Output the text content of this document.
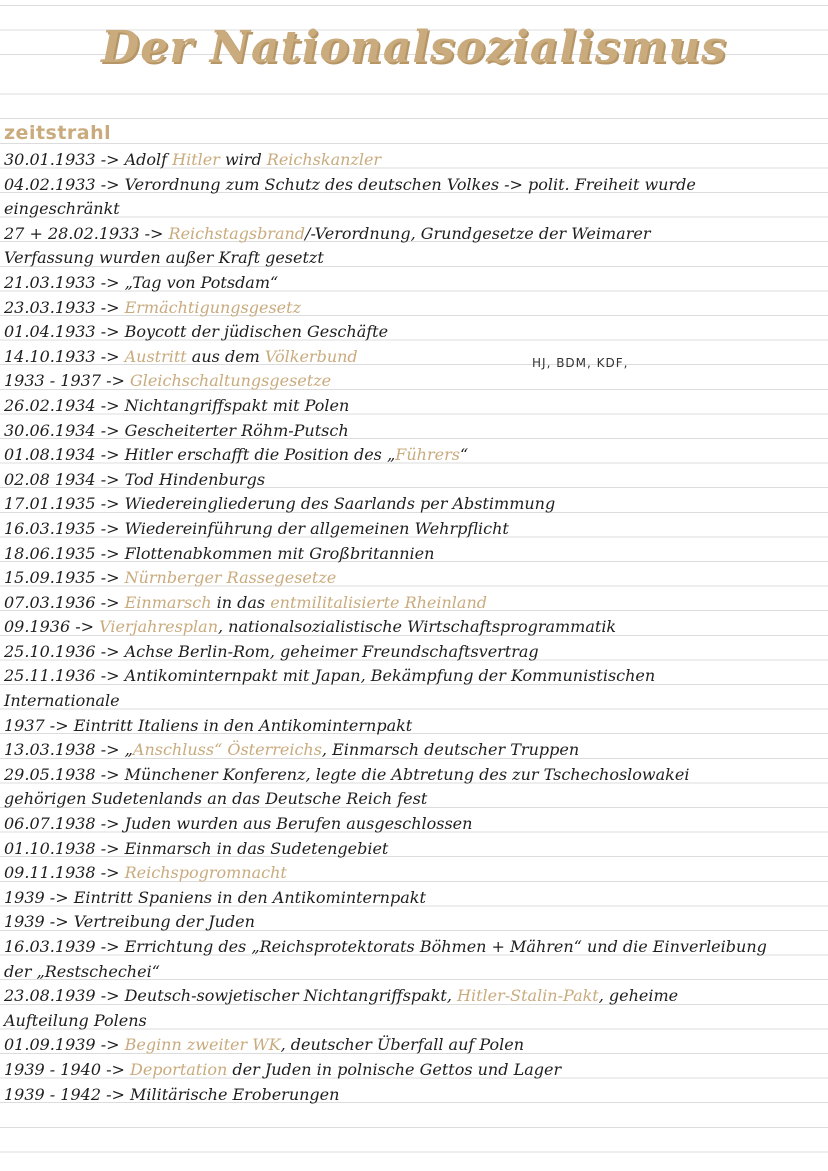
Der Nationalsozialismus
zeitstrahl
HJ, BDM, KDF,
30.01.1933 -> Adolf Hitler wird Reichskanzler
04.02.1933 -> Verordnung zum Schutz des deutschen Volkes -> polit. Freiheit wurde
eingeschränkt
27 + 28.02.1933 -> Reichstagsbrand/-Verordnung, Grundgesetze der Weimarer
Verfassung wurden außer Kraft gesetzt
21.03.1933 -> „Tag von Potsdam“
23.03.1933 -> Ermächtigungsgesetz
01.04.1933 -> Boycott der jüdischen Geschäfte
14.10.1933 -> Austritt aus dem Völkerbund
1933 - 1937 -> Gleichschaltungsgesetze
26.02.1934 -> Nichtangriffspakt mit Polen
30.06.1934 -> Gescheiterter Röhm-Putsch
01.08.1934 -> Hitler erschafft die Position des „Führers“
02.08 1934 -> Tod Hindenburgs
17.01.1935 -> Wiedereingliederung des Saarlands per Abstimmung
16.03.1935 -> Wiedereinführung der allgemeinen Wehrpflicht
18.06.1935 -> Flottenabkommen mit Großbritannien
15.09.1935 -> Nürnberger Rassegesetze
07.03.1936 -> Einmarsch in das entmilitalisierte Rheinland
09.1936 -> Vierjahresplan, nationalsozialistische Wirtschaftsprogrammatik
25.10.1936 -> Achse Berlin-Rom, geheimer Freundschaftsvertrag
25.11.1936 -> Antikominternpakt mit Japan, Bekämpfung der Kommunistischen
Internationale
1937 -> Eintritt Italiens in den Antikominternpakt
13.03.1938 -> „Anschluss“ Österreichs, Einmarsch deutscher Truppen
29.05.1938 -> Münchener Konferenz, legte die Abtretung des zur Tschechoslowakei
gehörigen Sudetenlands an das Deutsche Reich fest
06.07.1938 -> Juden wurden aus Berufen ausgeschlossen
01.10.1938 -> Einmarsch in das Sudetengebiet
09.11.1938 -> Reichspogromnacht
1939 -> Eintritt Spaniens in den Antikominternpakt
1939 -> Vertreibung der Juden
16.03.1939 -> Errichtung des „Reichsprotektorats Böhmen + Mähren“ und die Einverleibung
der „Restschechei“
23.08.1939 -> Deutsch-sowjetischer Nichtangriffspakt, Hitler-Stalin-Pakt, geheime
Aufteilung Polens
01.09.1939 -> Beginn zweiter WK, deutscher Überfall auf Polen
1939 - 1940 -> Deportation der Juden in polnische Gettos und Lager
1939 - 1942 -> Militärische Eroberungen
